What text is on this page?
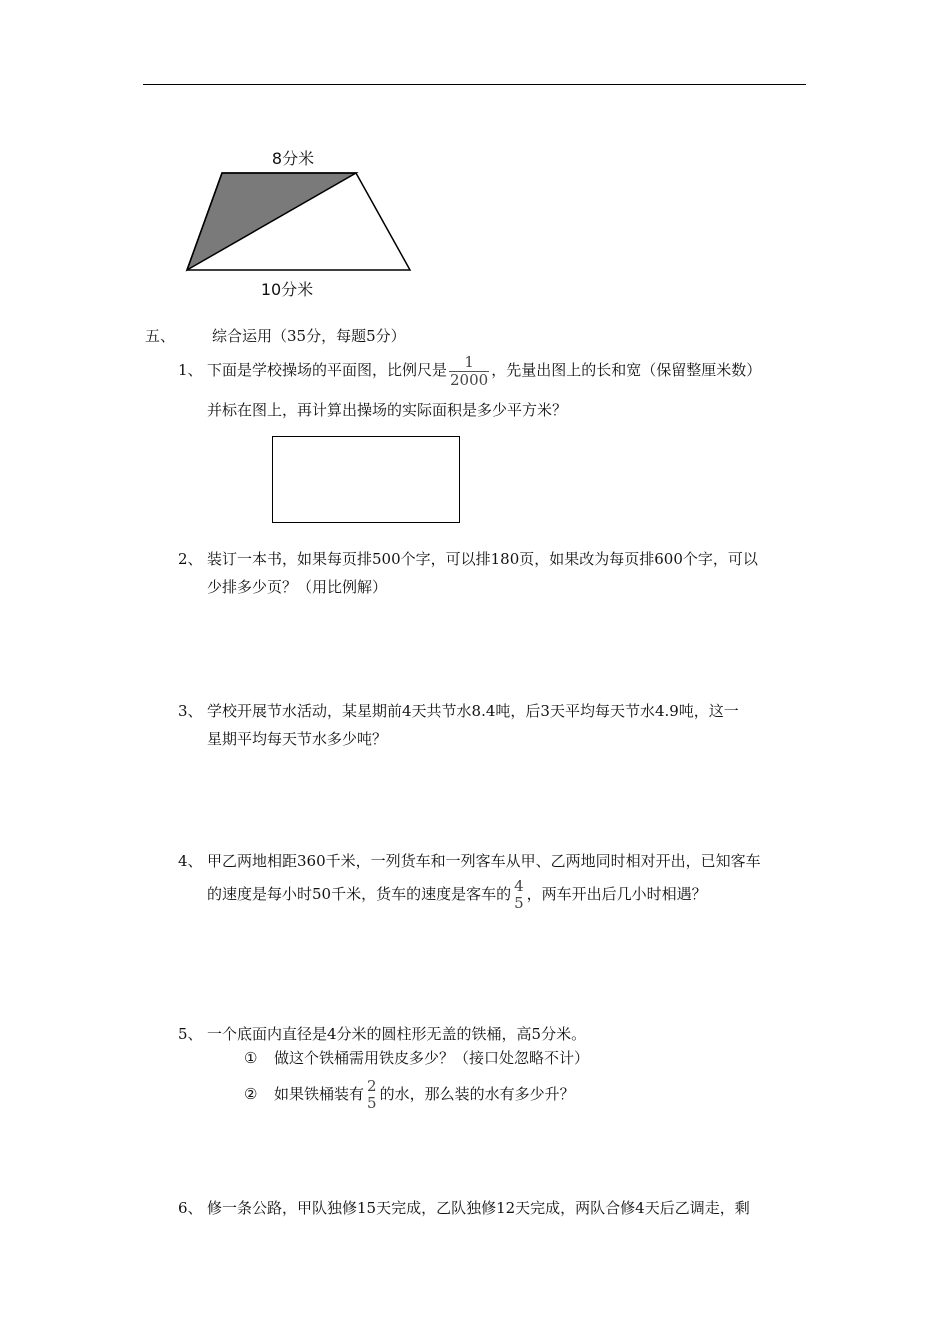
8分米
10分米
五、 综合运用（35分，每题5分）
1、 下面是学校操场的平面图，比例尺是 $\frac{1}{2000}$ ，先量出图上的长和宽（保留整厘米数）
并标在图上，再计算出操场的实际面积是多少平方米？
2、 装订一本书，如果每页排500个字，可以排180页，如果改为每页排600个字，可以
少排多少页？（用比例解）
3、 学校开展节水活动，某星期前4天共节水8.4吨，后3天平均每天节水4.9吨，这一
星期平均每天节水多少吨？
4、 甲乙两地相距360千米，一列货车和一列客车从甲、乙两地同时相对开出，已知客车
的速度是每小时50千米，货车的速度是客车的 4
5 ，两车开出后几小时相遇？
5、 一个底面内直径是4分米的圆柱形无盖的铁桶，高5分米。
① 做这个铁桶需用铁皮多少？（接口处忽略不计）
② 如果铁桶装有 2
5 的水，那么装的水有多少升？
6、 修一条公路，甲队独修15天完成，乙队独修12天完成，两队合修4天后乙调走，剩
